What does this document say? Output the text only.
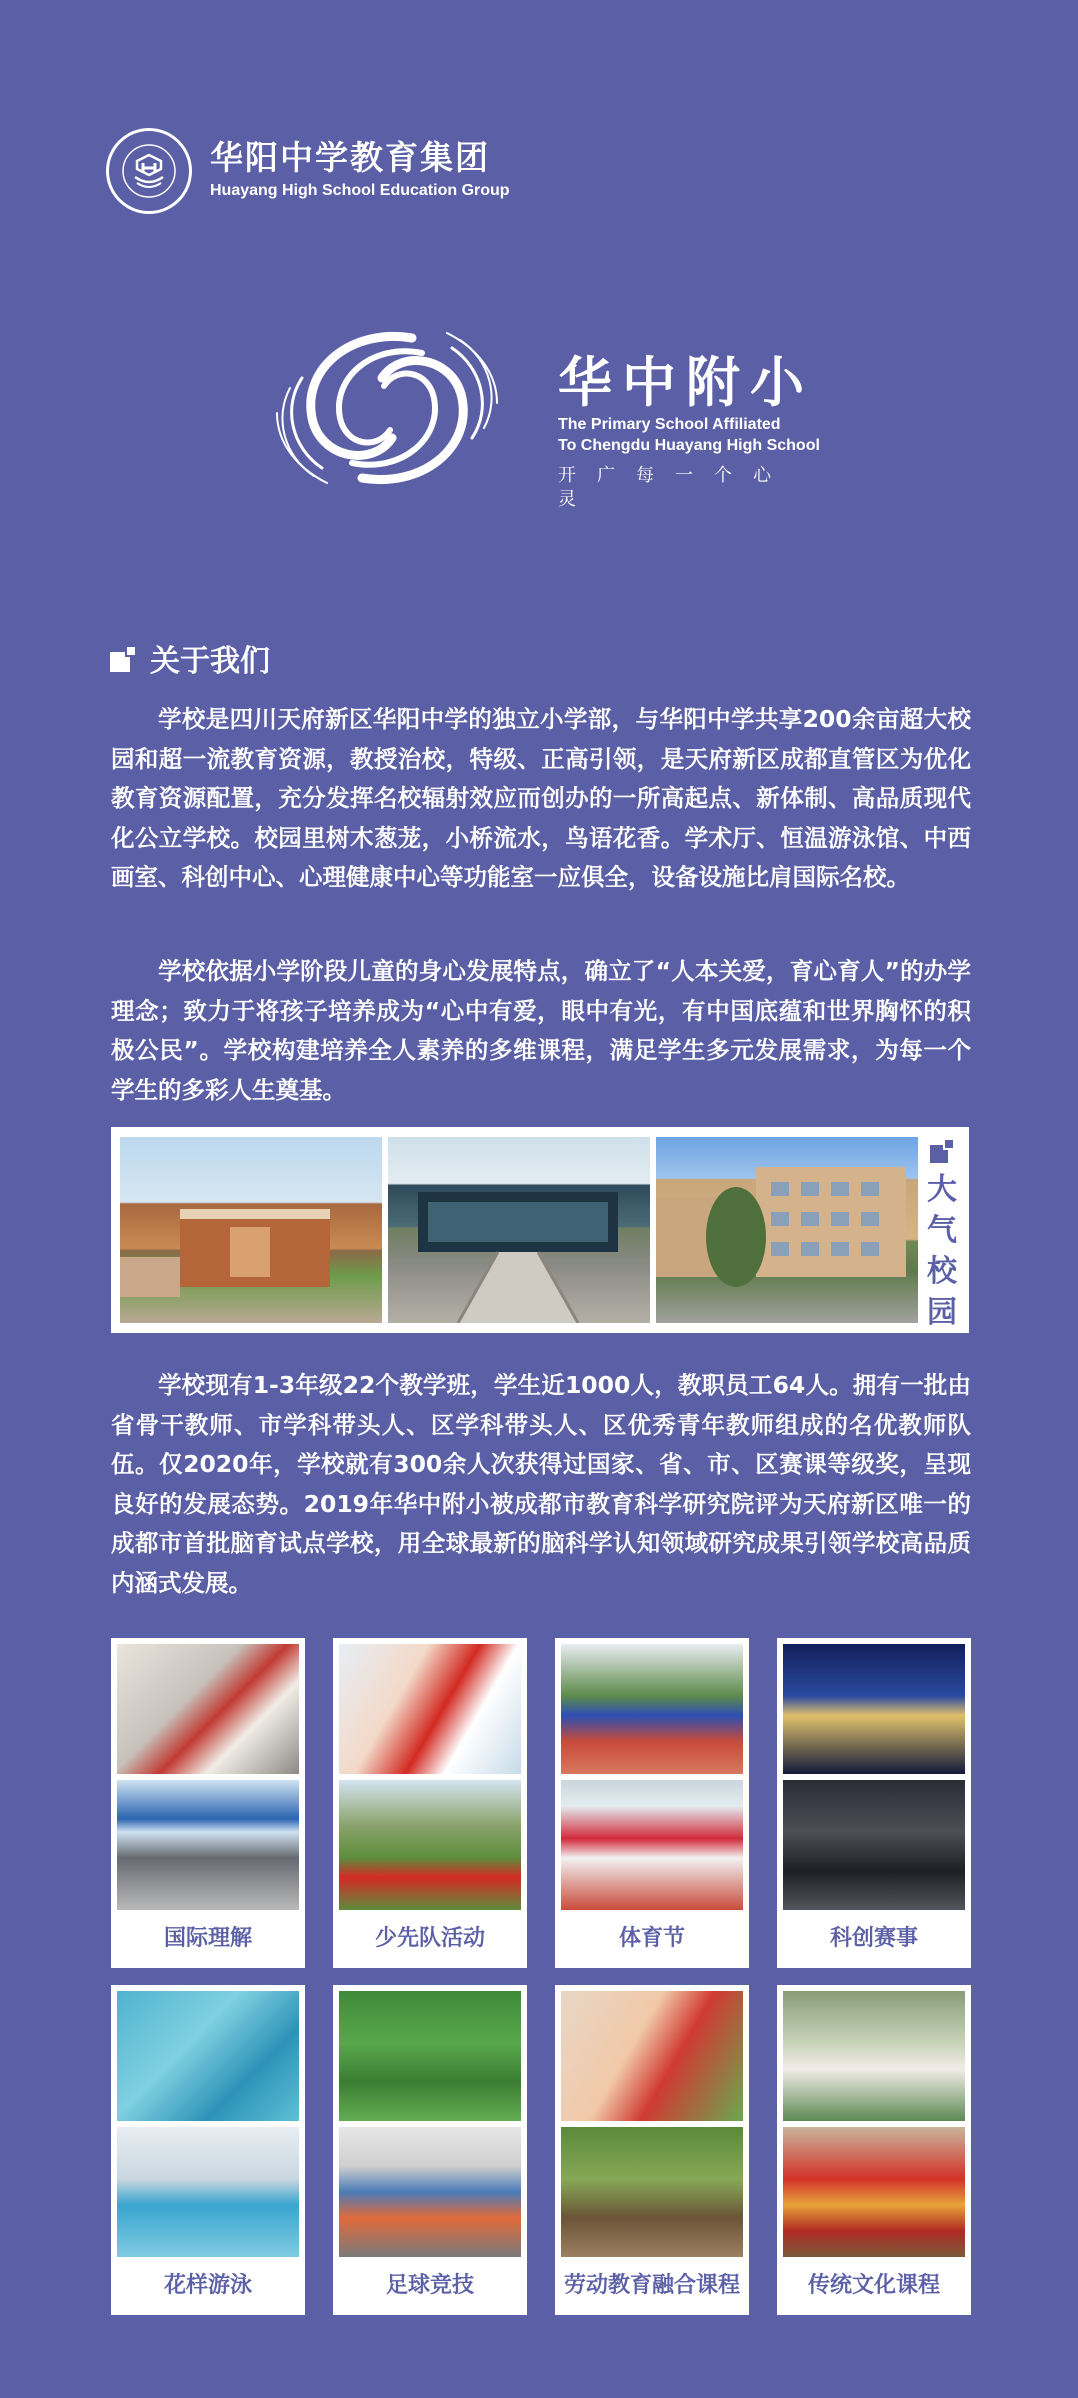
华阳中学教育集团
Huayang High School Education Group
华中附小
The Primary School Affiliated
To Chengdu Huayang High School
开广每一个心灵
关于我们
学校是四川天府新区华阳中学的独立小学部，与华阳中学共享200余亩超大校园和超一流教育资源，教授治校，特级、正高引领，是天府新区成都直管区为优化教育资源配置，充分发挥名校辐射效应而创办的一所高起点、新体制、高品质现代化公立学校。校园里树木葱茏，小桥流水，鸟语花香。学术厅、恒温游泳馆、中西画室、科创中心、心理健康中心等功能室一应俱全，设备设施比肩国际名校。
学校依据小学阶段儿童的身心发展特点，确立了“人本关爱，育心育人”的办学理念；致力于将孩子培养成为“心中有爱，眼中有光，有中国底蕴和世界胸怀的积极公民”。学校构建培养全人素养的多维课程，满足学生多元发展需求，为每一个学生的多彩人生奠基。
大气校园
学校现有1-3年级22个教学班，学生近1000人，教职员工64人。拥有一批由省骨干教师、市学科带头人、区学科带头人、区优秀青年教师组成的名优教师队伍。仅2020年，学校就有300余人次获得过国家、省、市、区赛课等级奖，呈现良好的发展态势。2019年华中附小被成都市教育科学研究院评为天府新区唯一的成都市首批脑育试点学校，用全球最新的脑科学认知领域研究成果引领学校高品质内涵式发展。
国际理解	少先队活动	体育节	科创赛事
花样游泳	足球竞技	劳动教育融合课程	传统文化课程
